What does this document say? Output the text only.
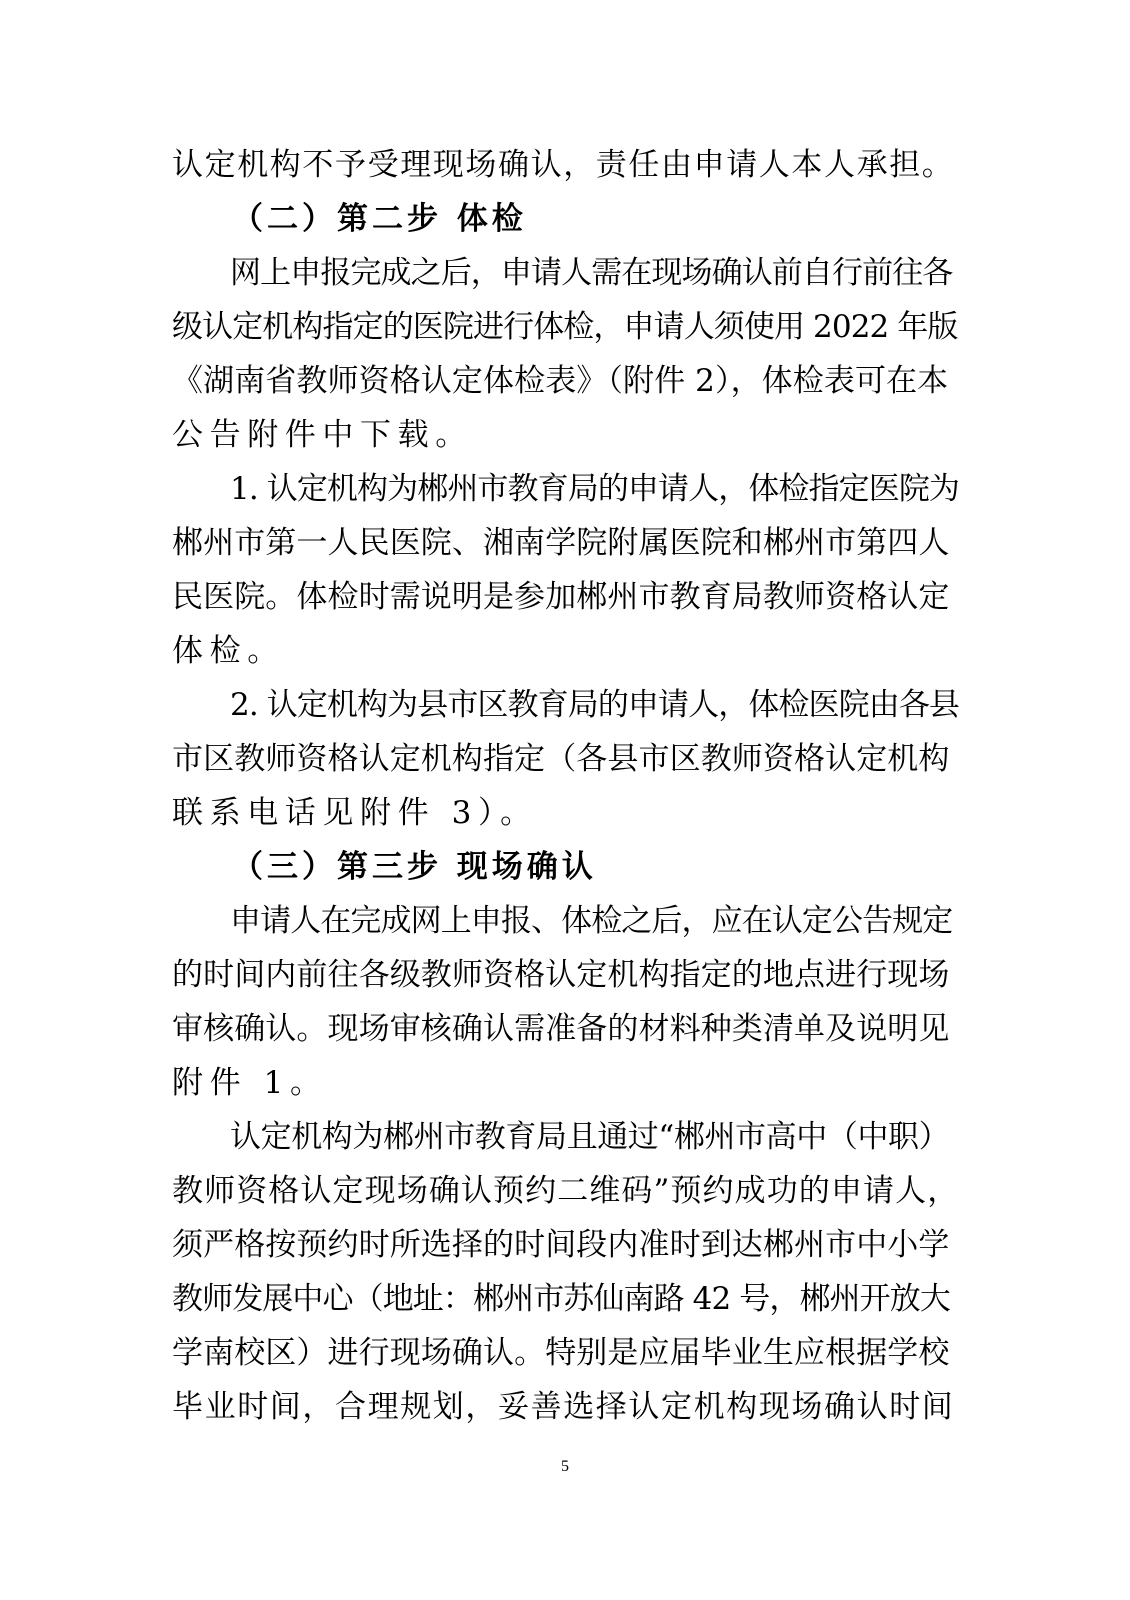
认定机构不予受理现场确认，责任由申请人本人承担。
（二）第二步 体检
网上申报完成之后，申请人需在现场确认前自行前往各
级认定机构指定的医院进行体检，申请人须使用 2022 年版
《湖南省教师资格认定体检表》（附件 2），体检表可在本
公告附件中下载。
1. 认定机构为郴州市教育局的申请人，体检指定医院为
郴州市第一人民医院、湘南学院附属医院和郴州市第四人
民医院。体检时需说明是参加郴州市教育局教师资格认定
体检。
2. 认定机构为县市区教育局的申请人，体检医院由各县
市区教师资格认定机构指定（各县市区教师资格认定机构
联系电话见附件 3）。
（三）第三步 现场确认
申请人在完成网上申报、体检之后，应在认定公告规定
的时间内前往各级教师资格认定机构指定的地点进行现场
审核确认。现场审核确认需准备的材料种类清单及说明见
附件 1。
认定机构为郴州市教育局且通过“郴州市高中（中职）
教师资格认定现场确认预约二维码”预约成功的申请人，
须严格按预约时所选择的时间段内准时到达郴州市中小学
教师发展中心（地址：郴州市苏仙南路 42 号，郴州开放大
学南校区）进行现场确认。特别是应届毕业生应根据学校
毕业时间，合理规划，妥善选择认定机构现场确认时间
5
